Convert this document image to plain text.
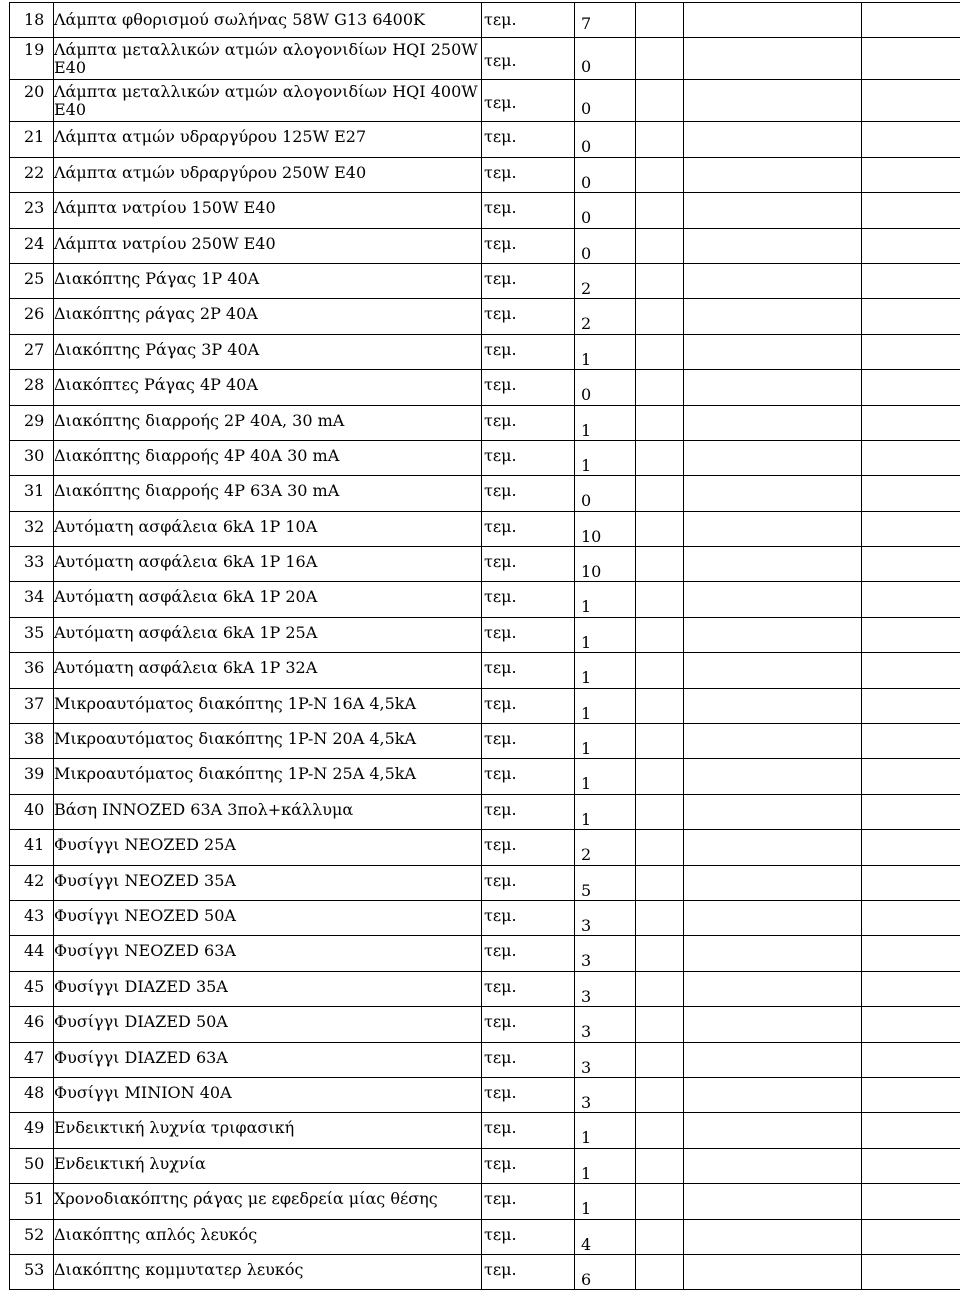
18	Λάμπτα φθορισμού σωλήνας 58W G13 6400K	τεμ.	7			
19	Λάμπτα μεταλλικών ατμών αλογονιδίων HQI 250W E40	τεμ.	0			
20	Λάμπτα μεταλλικών ατμών αλογονιδίων HQI 400W E40	τεμ.	0			
21	Λάμπτα ατμών υδραργύρου 125W E27	τεμ.	0			
22	Λάμπτα ατμών υδραργύρου 250W E40	τεμ.	0			
23	Λάμπτα νατρίου 150W E40	τεμ.	0			
24	Λάμπτα νατρίου 250W E40	τεμ.	0			
25	Διακόπτης Ράγας 1P 40A	τεμ.	2			
26	Διακόπτης ράγας 2P 40A	τεμ.	2			
27	Διακόπτης Ράγας 3P 40A	τεμ.	1			
28	Διακόπτες Ράγας 4P 40A	τεμ.	0			
29	Διακόπτης διαρροής 2P 40A, 30 mA	τεμ.	1			
30	Διακόπτης διαρροής 4P 40A 30 mA	τεμ.	1			
31	Διακόπτης διαρροής 4P 63A 30 mA	τεμ.	0			
32	Αυτόματη ασφάλεια 6kA 1P 10A	τεμ.	10			
33	Αυτόματη ασφάλεια 6kA 1P 16A	τεμ.	10			
34	Αυτόματη ασφάλεια 6kA 1P 20A	τεμ.	1			
35	Αυτόματη ασφάλεια 6kA 1P 25A	τεμ.	1			
36	Αυτόματη ασφάλεια 6kA 1P 32A	τεμ.	1			
37	Μικροαυτόματος διακόπτης 1P-N 16A 4,5kA	τεμ.	1			
38	Μικροαυτόματος διακόπτης 1P-N 20A 4,5kA	τεμ.	1			
39	Μικροαυτόματος διακόπτης 1P-N 25A 4,5kA	τεμ.	1			
40	Βάση INNOZED 63A 3πολ+κάλλυμα	τεμ.	1			
41	Φυσίγγι NEOZED 25A	τεμ.	2			
42	Φυσίγγι NEOZED 35A	τεμ.	5			
43	Φυσίγγι NEOZED 50A	τεμ.	3			
44	Φυσίγγι NEOZED 63A	τεμ.	3			
45	Φυσίγγι DIAZED 35A	τεμ.	3			
46	Φυσίγγι DIAZED 50A	τεμ.	3			
47	Φυσίγγι DIAZED 63A	τεμ.	3			
48	Φυσίγγι MINION 40A	τεμ.	3			
49	Ενδεικτική λυχνία τριφασική	τεμ.	1			
50	Ενδεικτική λυχνία	τεμ.	1			
51	Χρονοδιακόπτης ράγας με εφεδρεία μίας θέσης	τεμ.	1			
52	Διακόπτης απλός λευκός	τεμ.	4			
53	Διακόπτης κομμυτατερ λευκός	τεμ.	6			
